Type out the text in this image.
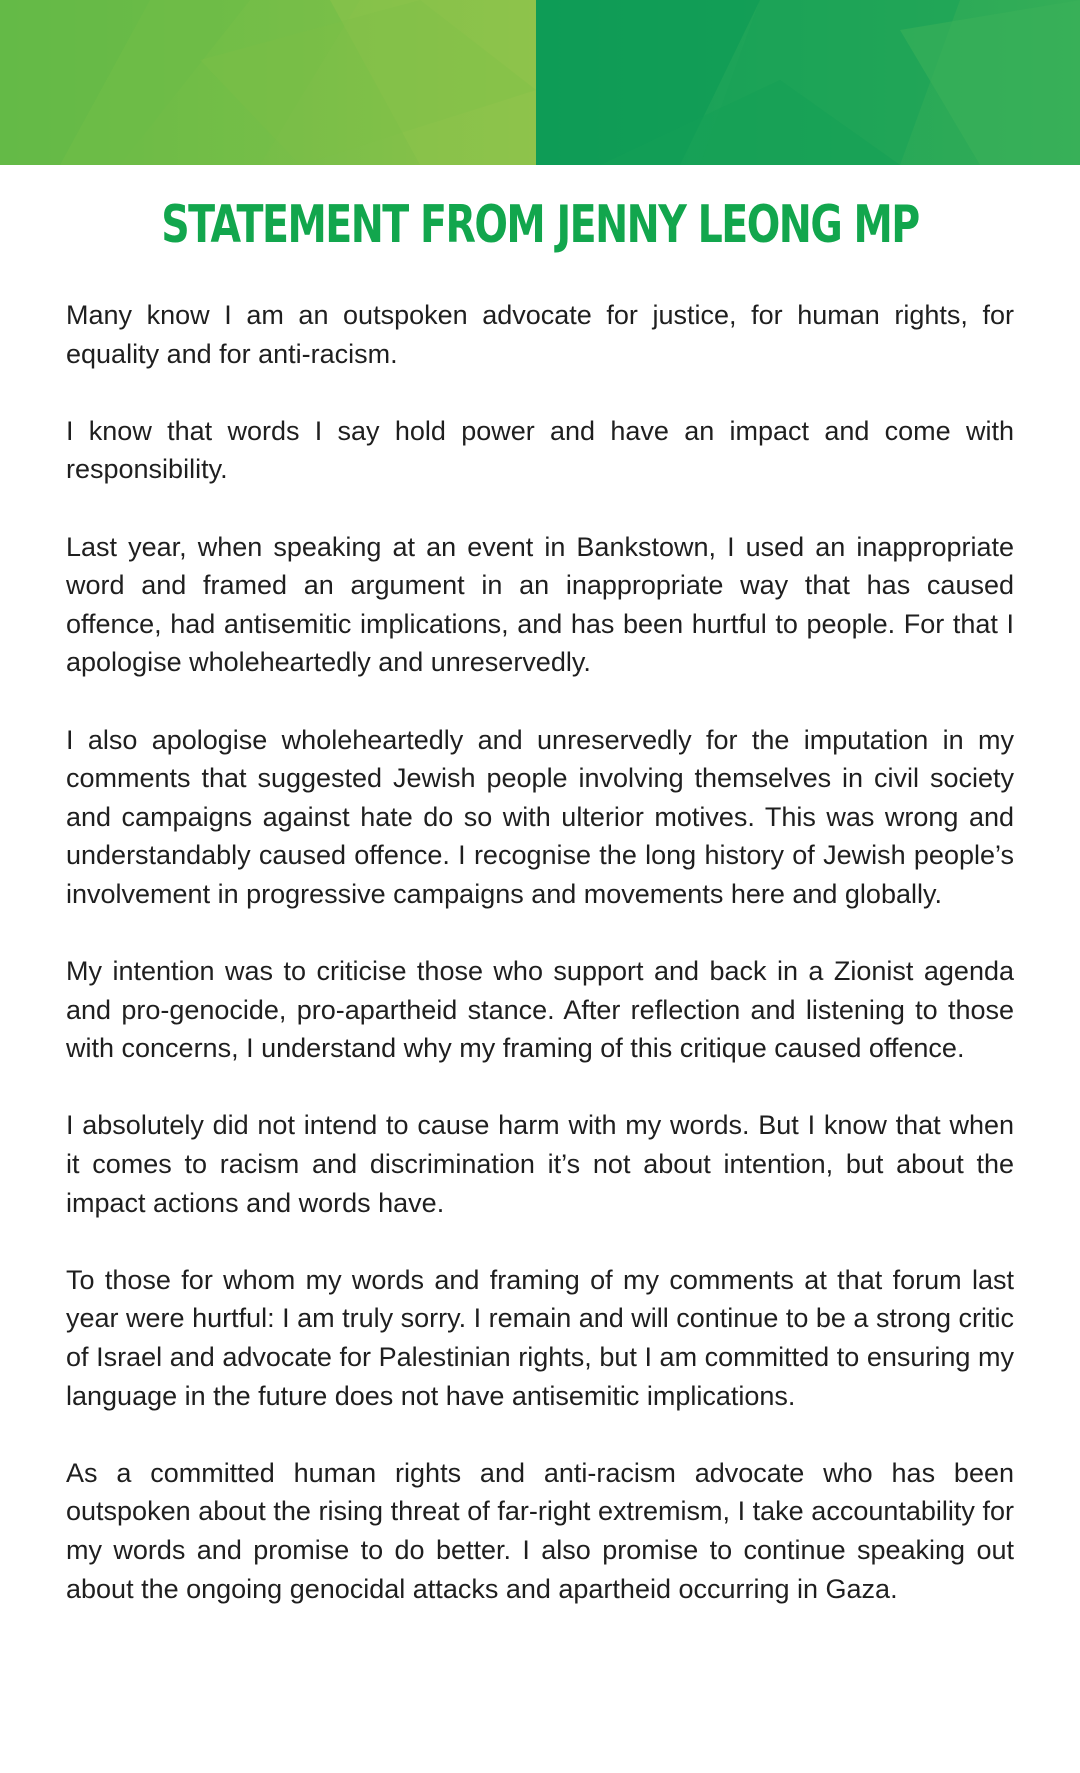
STATEMENT FROM JENNY LEONG MP

Many know I am an outspoken advocate for justice, for human rights, for equality and for anti-racism.

I know that words I say hold power and have an impact and come with responsibility.

Last year, when speaking at an event in Bankstown, I used an inappropriate word and framed an argument in an inappropriate way that has caused offence, had antisemitic implications, and has been hurtful to people. For that I apologise wholeheartedly and unreservedly.

I also apologise wholeheartedly and unreservedly for the imputation in my comments that suggested Jewish people involving themselves in civil society and campaigns against hate do so with ulterior motives. This was wrong and understandably caused offence. I recognise the long history of Jewish people’s involvement in progressive campaigns and movements here and globally.

My intention was to criticise those who support and back in a Zionist agenda and pro-genocide, pro-apartheid stance. After reflection and listening to those with concerns, I understand why my framing of this critique caused offence.

I absolutely did not intend to cause harm with my words. But I know that when it comes to racism and discrimination it’s not about intention, but about the impact actions and words have.

To those for whom my words and framing of my comments at that forum last year were hurtful: I am truly sorry. I remain and will continue to be a strong critic of Israel and advocate for Palestinian rights, but I am committed to ensuring my language in the future does not have antisemitic implications.

As a committed human rights and anti-racism advocate who has been outspoken about the rising threat of far-right extremism, I take accountability for my words and promise to do better. I also promise to continue speaking out about the ongoing genocidal attacks and apartheid occurring in Gaza.
